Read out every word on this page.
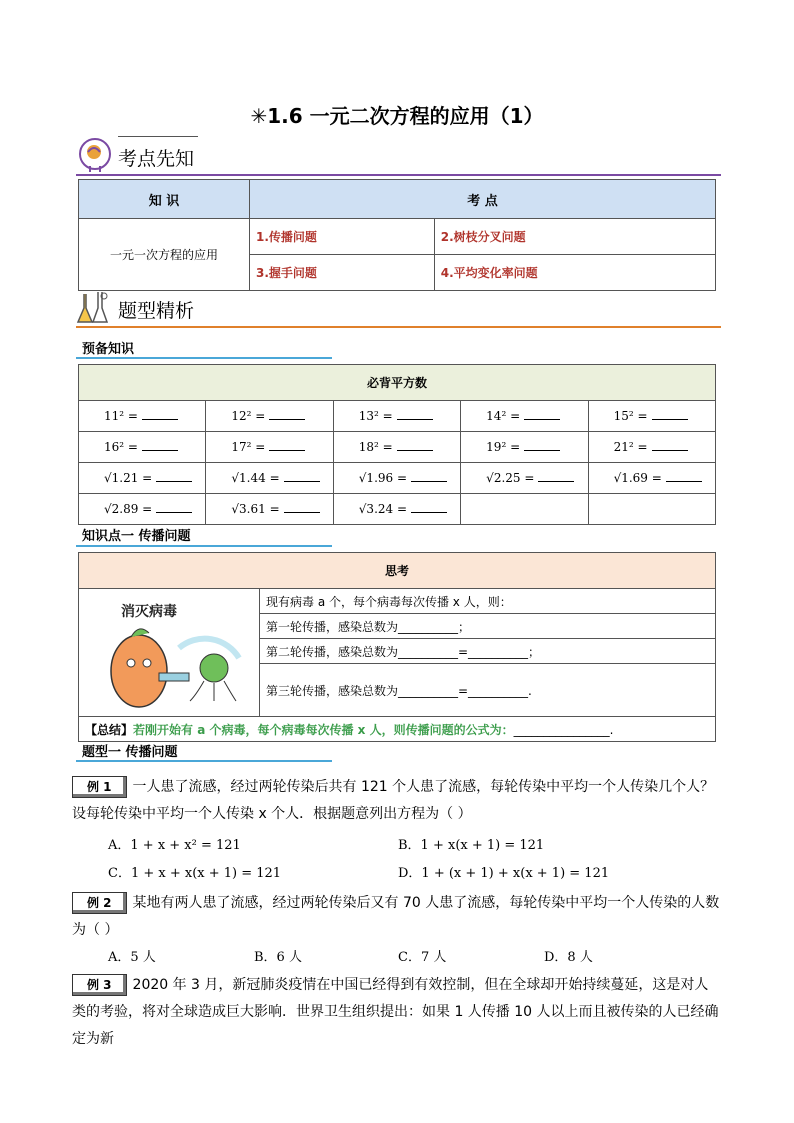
✳1.6 一元二次方程的应用（1）
考点先知
知 识	考 点	
一元一次方程的应用	1.传播问题	2.树枝分叉问题
	3.握手问题	4.平均变化率问题
题型精析
预备知识
必背平方数				
11² =	12² =	13² =	14² =	15² =
16² =	17² =	18² =	19² =	21² =
√1.21 =	√1.44 =	√1.96 =	√2.25 =	√1.69 =
√2.89 =	√3.61 =	√3.24 =		
知识点一 传播问题
思考

消灭病毒
	现有病毒 a 个，每个病毒每次传播 x 人，则：
第一轮传播，感染总数为__________；
第二轮传播，感染总数为__________=__________；
第三轮传播，感染总数为__________=__________.
【总结】若刚开始有 a 个病毒，每个病毒每次传播 x 人，则传播问题的公式为：________________.
题型一 传播问题
例 1 一人患了流感，经过两轮传染后共有 121 个人患了流感，每轮传染中平均一个人传染几个人？设每轮传染中平均一个人传染 x 个人．根据题意列出方程为（ ）
A．1 + x + x² = 121	B．1 + x(x + 1) = 121
C．1 + x + x(x + 1) = 121	D．1 + (x + 1) + x(x + 1) = 121
例 2 某地有两人患了流感，经过两轮传染后又有 70 人患了流感，每轮传染中平均一个人传染的人数为（ ）
A．5 人	B．6 人	C．7 人	D．8 人
例 3 2020 年 3 月，新冠肺炎疫情在中国已经得到有效控制，但在全球却开始持续蔓延，这是对人类的考验，将对全球造成巨大影响．世界卫生组织提出：如果 1 人传播 10 人以上而且被传染的人已经确定为新
